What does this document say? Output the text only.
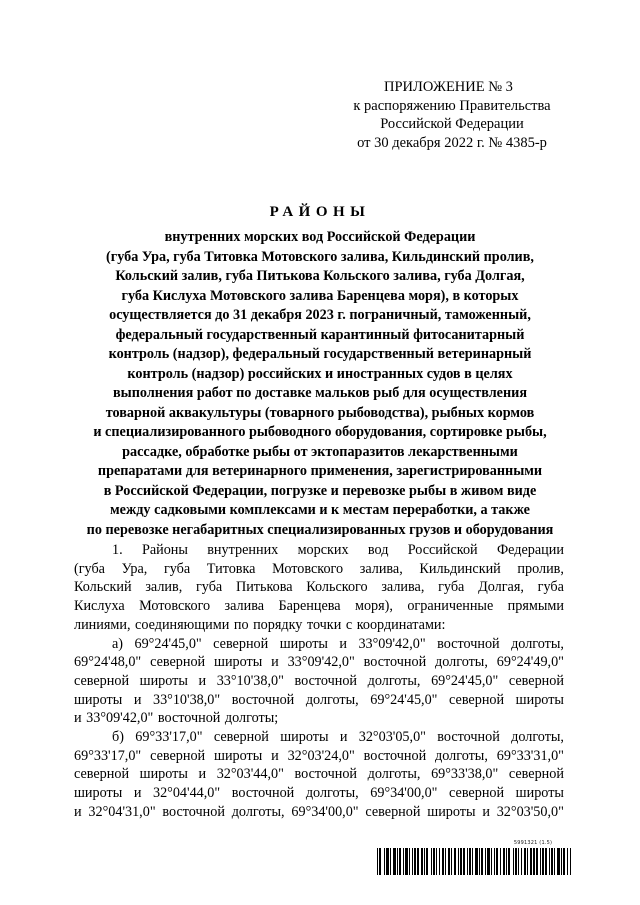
ПРИЛОЖЕНИЕ № 3
к распоряжению Правительства
Российской Федерации
от 30 декабря 2022 г. № 4385-р
РАЙОНЫ
внутренних морских вод Российской Федерации
(губа Ура, губа Титовка Мотовского залива, Кильдинский пролив,
Кольский залив, губа Питькова Кольского залива, губа Долгая,
губа Кислуха Мотовского залива Баренцева моря), в которых
осуществляется до 31 декабря 2023 г. пограничный, таможенный,
федеральный государственный карантинный фитосанитарный
контроль (надзор), федеральный государственный ветеринарный
контроль (надзор) российских и иностранных судов в целях
выполнения работ по доставке мальков рыб для осуществления
товарной аквакультуры (товарного рыбоводства), рыбных кормов
и специализированного рыбоводного оборудования, сортировке рыбы,
рассадке, обработке рыбы от эктопаразитов лекарственными
препаратами для ветеринарного применения, зарегистрированными
в Российской Федерации, погрузке и перевозке рыбы в живом виде
между садковыми комплексами и к местам переработки, а также
по перевозке негабаритных специализированных грузов и оборудования
1. Районы внутренних морских вод Российской Федерации
(губа Ура, губа Титовка Мотовского залива, Кильдинский пролив,
Кольский залив, губа Питькова Кольского залива, губа Долгая, губа
Кислуха Мотовского залива Баренцева моря), ограниченные прямыми
линиями, соединяющими по порядку точки с координатами:
а) 69°24'45,0" северной широты и 33°09'42,0" восточной долготы,
69°24'48,0" северной широты и 33°09'42,0" восточной долготы, 69°24'49,0"
северной широты и 33°10'38,0" восточной долготы, 69°24'45,0" северной
широты и 33°10'38,0" восточной долготы, 69°24'45,0" северной широты
и 33°09'42,0" восточной долготы;
б) 69°33'17,0" северной широты и 32°03'05,0" восточной долготы,
69°33'17,0" северной широты и 32°03'24,0" восточной долготы, 69°33'31,0"
северной широты и 32°03'44,0" восточной долготы, 69°33'38,0" северной
широты и 32°04'44,0" восточной долготы, 69°34'00,0" северной широты
и 32°04'31,0" восточной долготы, 69°34'00,0" северной широты и 32°03'50,0"
5991321 (1.5)
